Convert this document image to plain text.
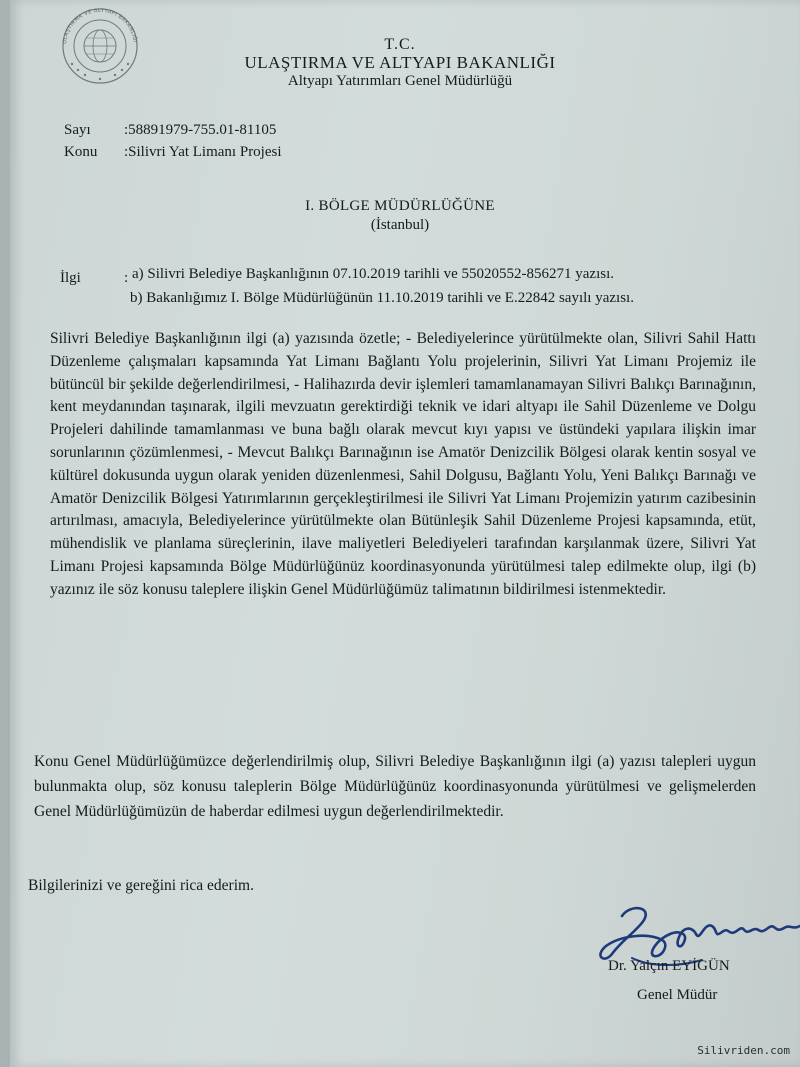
ULAŞTIRMA VE ALTYAPI BAKANLIĞI	T.C.
ULAŞTIRMA VE ALTYAPI BAKANLIĞI
Altyapı Yatırımları Genel Müdürlüğü
Sayı :58891979-755.01-81105
Konu :Silivri Yat Limanı Projesi
I. BÖLGE MÜDÜRLÜĞÜNE
(İstanbul)
İlgi	: a) Silivri Belediye Başkanlığının 07.10.2019 tarihli ve 55020552-856271 yazısı.
b) Bakanlığımız I. Bölge Müdürlüğünün 11.10.2019 tarihli ve E.22842 sayılı yazısı.

Silivri Belediye Başkanlığının ilgi (a) yazısında özetle; - Belediyelerince yürütülmekte olan, Silivri Sahil Hattı Düzenleme çalışmaları kapsamında Yat Limanı Bağlantı Yolu projelerinin, Silivri Yat Limanı Projemiz ile bütüncül bir şekilde değerlendirilmesi, - Halihazırda devir işlemleri tamamlanamayan Silivri Balıkçı Barınağının, kent meydanından taşınarak, ilgili mevzuatın gerektirdiği teknik ve idari altyapı ile Sahil Düzenleme ve Dolgu Projeleri dahilinde tamamlanması ve buna bağlı olarak mevcut kıyı yapısı ve üstündeki yapılara ilişkin imar sorunlarının çözümlenmesi, - Mevcut Balıkçı Barınağının ise Amatör Denizcilik Bölgesi olarak kentin sosyal ve kültürel dokusunda uygun olarak yeniden düzenlenmesi, Sahil Dolgusu, Bağlantı Yolu, Yeni Balıkçı Barınağı ve Amatör Denizcilik Bölgesi Yatırımlarının gerçekleştirilmesi ile Silivri Yat Limanı Projemizin yatırım cazibesinin artırılması, amacıyla, Belediyelerince yürütülmekte olan Bütünleşik Sahil Düzenleme Projesi kapsamında, etüt, mühendislik ve planlama süreçlerinin, ilave maliyetleri Belediyeleri tarafından karşılanmak üzere, Silivri Yat Limanı Projesi kapsamında Bölge Müdürlüğünüz koordinasyonunda yürütülmesi talep edilmekte olup, ilgi (b) yazınız ile söz konusu taleplere ilişkin Genel Müdürlüğümüz talimatının bildirilmesi istenmektedir.

Konu Genel Müdürlüğümüzce değerlendirilmiş olup, Silivri Belediye Başkanlığının ilgi (a) yazısı talepleri uygun bulunmakta olup, söz konusu taleplerin Bölge Müdürlüğünüz koordinasyonunda yürütülmesi ve gelişmelerden Genel Müdürlüğümüzün de haberdar edilmesi uygun değerlendirilmektedir.

Bilgilerinizi ve gereğini rica ederim.
Dr. Yalçın EYİGÜN
Genel Müdür
Silivriden.com
